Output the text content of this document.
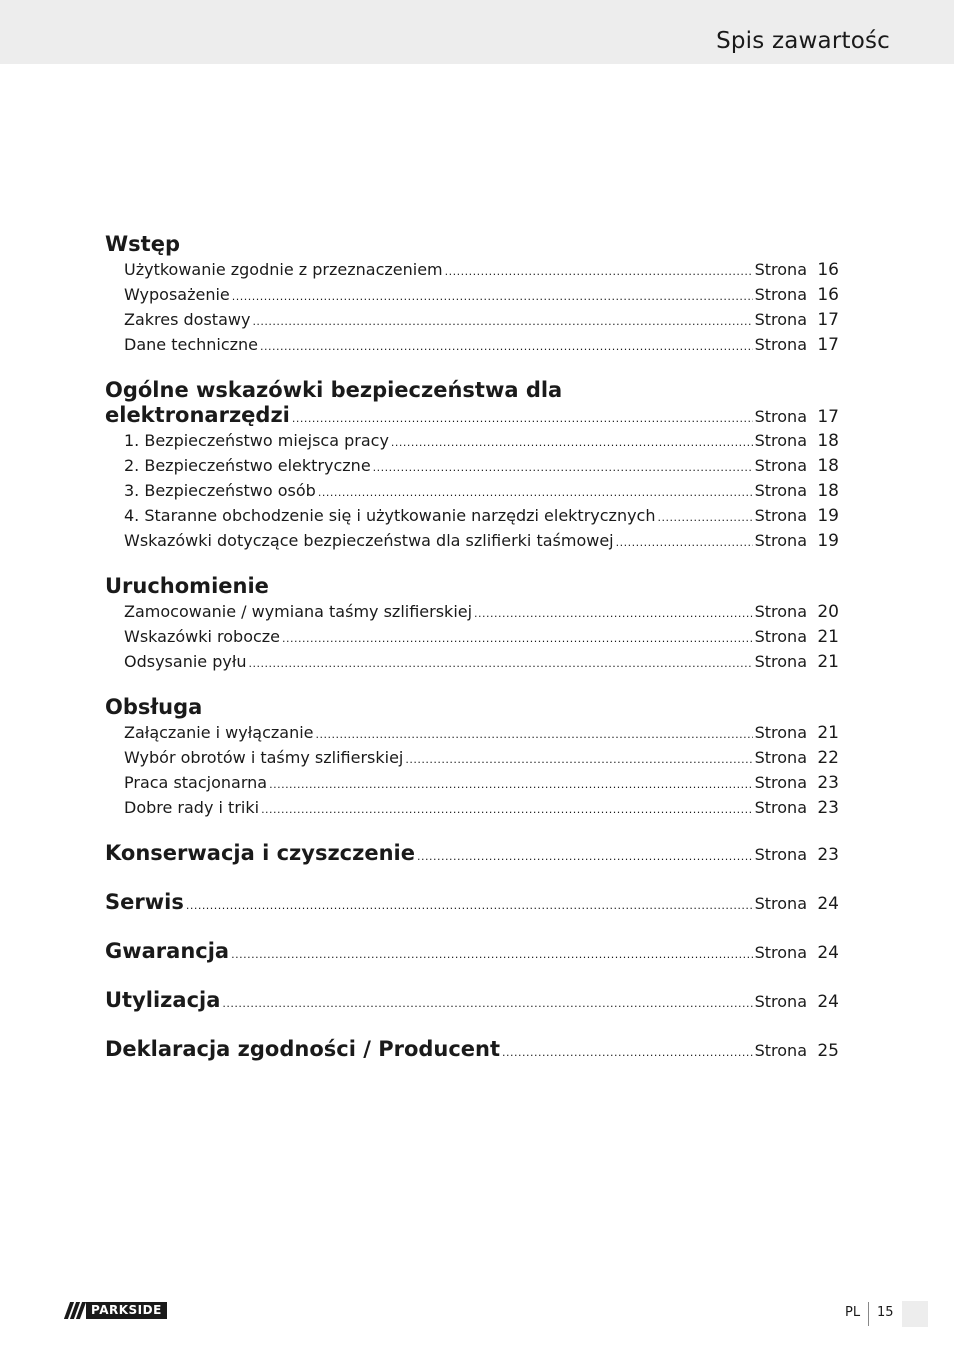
Spis zawartośc
Wstęp
Użytkowanie zgodnie z przeznaczeniem .....	Strona 16
Wyposażenie .....	Strona 16
Zakres dostawy .....	Strona 17
Dane techniczne .....	Strona 17
Ogólne wskazówki bezpieczeństwa dla
elektronarzędzi .....	Strona 17
1. Bezpieczeństwo miejsca pracy .....	Strona 18
2. Bezpieczeństwo elektryczne .....	Strona 18
3. Bezpieczeństwo osób .....	Strona 18
4. Staranne obchodzenie się i użytkowanie narzędzi elektrycznych .....	Strona 19
Wskazówki dotyczące bezpieczeństwa dla szlifierki taśmowej .....	Strona 19
Uruchomienie
Zamocowanie / wymiana taśmy szlifierskiej .....	Strona 20
Wskazówki robocze .....	Strona 21
Odsysanie pyłu .....	Strona 21
Obsługa
Załączanie i wyłączanie .....	Strona 21
Wybór obrotów i taśmy szlifierskiej .....	Strona 22
Praca stacjonarna .....	Strona 23
Dobre rady i triki .....	Strona 23
Konserwacja i czyszczenie .....	Strona 23
Serwis .....	Strona 24
Gwarancja .....	Strona 24
Utylizacja .....	Strona 24
Deklaracja zgodności / Producent .....	Strona 25
PARKSIDE	PL 15
